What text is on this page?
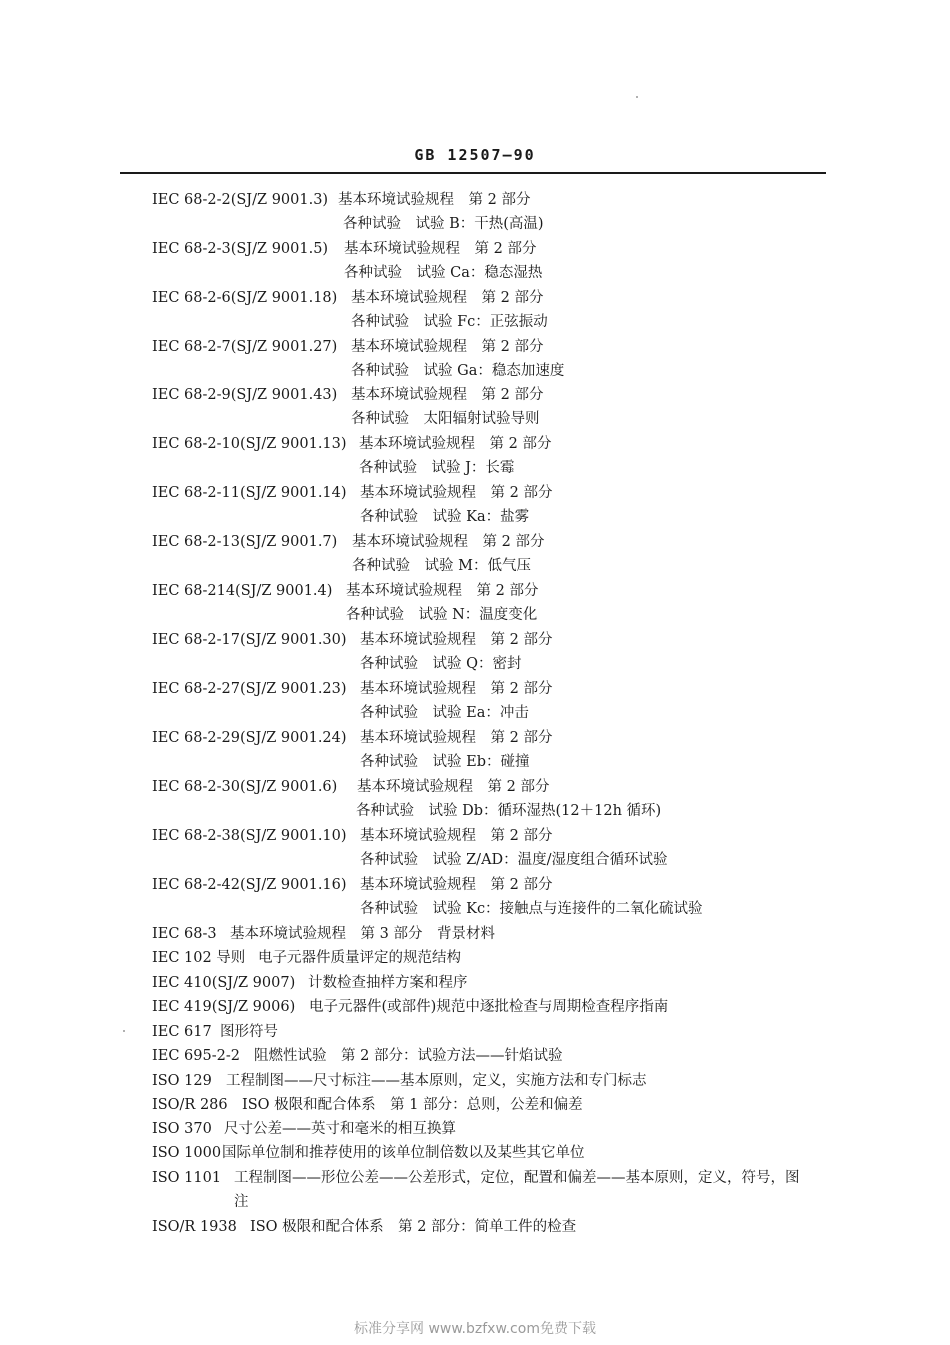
GB 12507—90
IEC 68-2-2(SJ/Z 9001.3) 基本环境试验规程　第 2 部分
各种试验　试验 B：干热(高温)
IEC 68-2-3(SJ/Z 9001.5) 基本环境试验规程　第 2 部分
各种试验　试验 Ca：稳态湿热
IEC 68-2-6(SJ/Z 9001.18) 基本环境试验规程　第 2 部分
各种试验　试验 Fc：正弦振动
IEC 68-2-7(SJ/Z 9001.27) 基本环境试验规程　第 2 部分
各种试验　试验 Ga：稳态加速度
IEC 68-2-9(SJ/Z 9001.43) 基本环境试验规程　第 2 部分
各种试验　太阳辐射试验导则
IEC 68-2-10(SJ/Z 9001.13) 基本环境试验规程　第 2 部分
各种试验　试验 J：长霉
IEC 68-2-11(SJ/Z 9001.14) 基本环境试验规程　第 2 部分
各种试验　试验 Ka：盐雾
IEC 68-2-13(SJ/Z 9001.7) 基本环境试验规程　第 2 部分
各种试验　试验 M：低气压
IEC 68-214(SJ/Z 9001.4) 基本环境试验规程　第 2 部分
各种试验　试验 N：温度变化
IEC 68-2-17(SJ/Z 9001.30) 基本环境试验规程　第 2 部分
各种试验　试验 Q：密封
IEC 68-2-27(SJ/Z 9001.23) 基本环境试验规程　第 2 部分
各种试验　试验 Ea：冲击
IEC 68-2-29(SJ/Z 9001.24) 基本环境试验规程　第 2 部分
各种试验　试验 Eb：碰撞
IEC 68-2-30(SJ/Z 9001.6) 基本环境试验规程　第 2 部分
各种试验　试验 Db：循环湿热(12＋12h 循环)
IEC 68-2-38(SJ/Z 9001.10) 基本环境试验规程　第 2 部分
各种试验　试验 Z/AD：温度/湿度组合循环试验
IEC 68-2-42(SJ/Z 9001.16) 基本环境试验规程　第 2 部分
各种试验　试验 Kc：接触点与连接件的二氧化硫试验
IEC 68-3 基本环境试验规程　第 3 部分　背景材料
IEC 102 导则 电子元器件质量评定的规范结构
IEC 410(SJ/Z 9007) 计数检查抽样方案和程序
IEC 419(SJ/Z 9006) 电子元器件(或部件)规范中逐批检查与周期检查程序指南
IEC 617 图形符号
IEC 695-2-2 阻燃性试验　第 2 部分：试验方法——针焰试验
ISO 129 工程制图——尺寸标注——基本原则，定义，实施方法和专门标志
ISO/R 286 ISO 极限和配合体系　第 1 部分：总则，公差和偏差
ISO 370 尺寸公差——英寸和毫米的相互换算
ISO 1000国际单位制和推荐使用的该单位制倍数以及某些其它单位
ISO 1101 工程制图——形位公差——公差形式，定位，配置和偏差——基本原则，定义，符号，图
注
ISO/R 1938 ISO 极限和配合体系　第 2 部分：简单工件的检查
标准分享网 www.bzfxw.com免费下载
